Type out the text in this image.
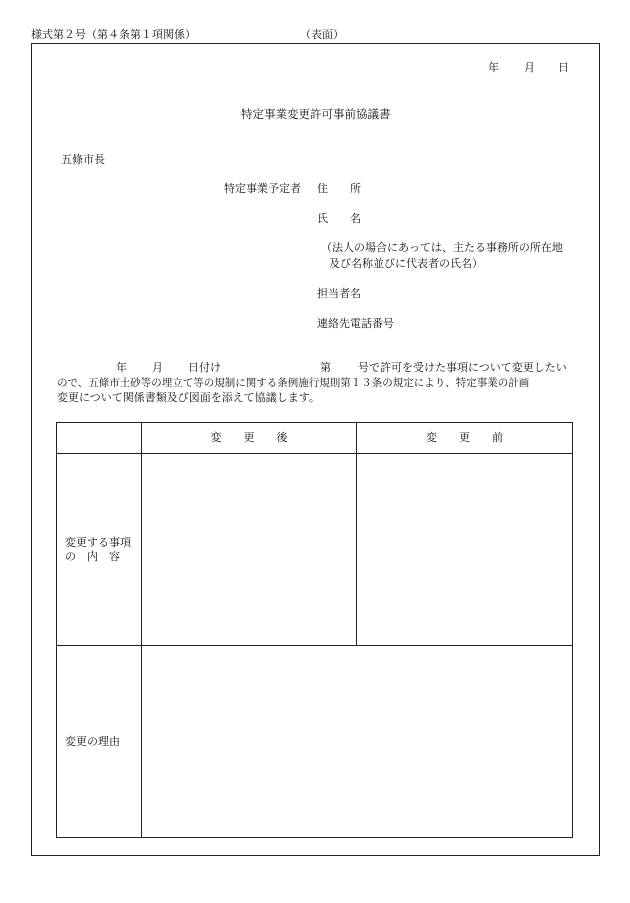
様式第２号（第４条第１項関係）	（表面）
年 月 日
特定事業変更許可事前協議書
五條市長
特定事業予定者 住　　所
氏　　名
（法人の場合にあっては、主たる事務所の所在地
及び名称並びに代表者の氏名）
担当者名
連絡先電話番号
年 月 日付け	第 号で許可を受けた事項について変更したい
ので、五條市土砂等の埋立て等の規制に関する条例施行規則第１３条の規定により、特定事業の計画
変更について関係書類及び図面を添えて協議します。
	変　　更　　後	変　　更　　前

変更する事項
の　内　容		

変更の理由		
